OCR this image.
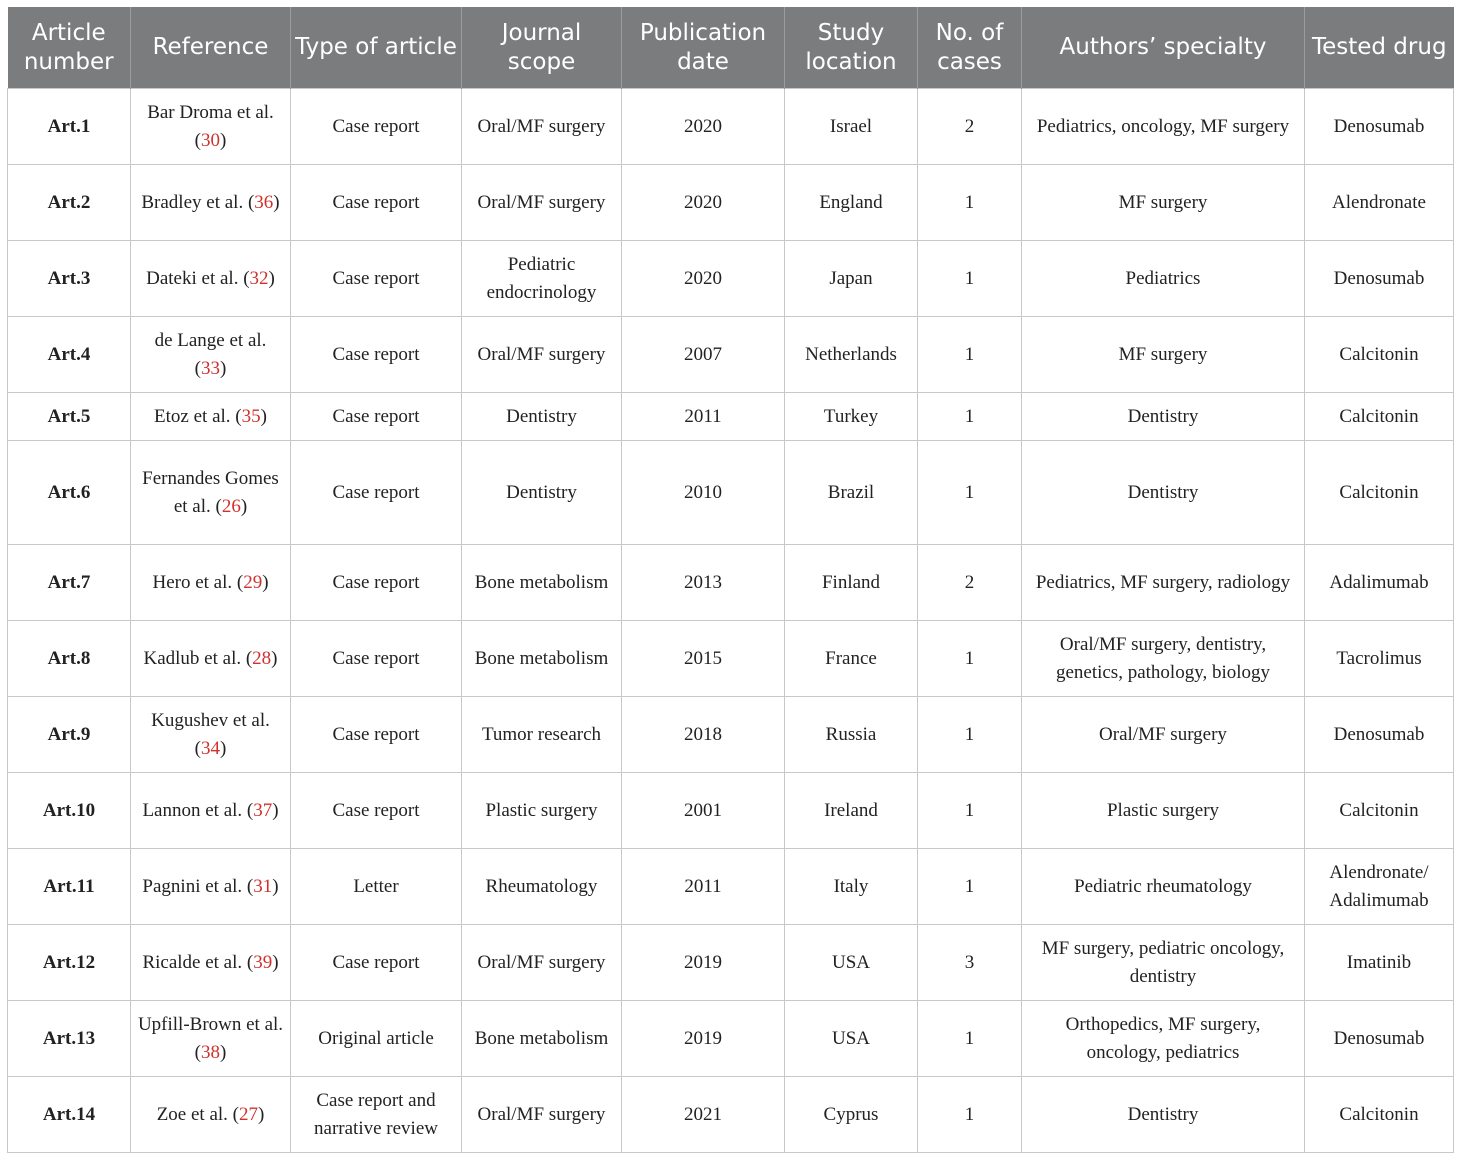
Article number	Reference	Type of article	Journal scope	Publication date	Study location	No. of cases	Authors’ specialty	Tested drug
Art.1	Bar Droma et al. (30)	Case report	Oral/MF surgery	2020	Israel	2	Pediatrics, oncology, MF surgery	Denosumab
Art.2	Bradley et al. (36)	Case report	Oral/MF surgery	2020	England	1	MF surgery	Alendronate
Art.3	Dateki et al. (32)	Case report	Pediatric endocrinology	2020	Japan	1	Pediatrics	Denosumab
Art.4	de Lange et al. (33)	Case report	Oral/MF surgery	2007	Netherlands	1	MF surgery	Calcitonin
Art.5	Etoz et al. (35)	Case report	Dentistry	2011	Turkey	1	Dentistry	Calcitonin
Art.6	Fernandes Gomes et al. (26)	Case report	Dentistry	2010	Brazil	1	Dentistry	Calcitonin
Art.7	Hero et al. (29)	Case report	Bone metabolism	2013	Finland	2	Pediatrics, MF surgery, radiology	Adalimumab
Art.8	Kadlub et al. (28)	Case report	Bone metabolism	2015	France	1	Oral/MF surgery, dentistry, genetics, pathology, biology	Tacrolimus
Art.9	Kugushev et al. (34)	Case report	Tumor research	2018	Russia	1	Oral/MF surgery	Denosumab
Art.10	Lannon et al. (37)	Case report	Plastic surgery	2001	Ireland	1	Plastic surgery	Calcitonin
Art.11	Pagnini et al. (31)	Letter	Rheumatology	2011	Italy	1	Pediatric rheumatology	Alendronate/ Adalimumab
Art.12	Ricalde et al. (39)	Case report	Oral/MF surgery	2019	USA	3	MF surgery, pediatric oncology, dentistry	Imatinib
Art.13	Upfill-Brown et al. (38)	Original article	Bone metabolism	2019	USA	1	Orthopedics, MF surgery, oncology, pediatrics	Denosumab
Art.14	Zoe et al. (27)	Case report and narrative review	Oral/MF surgery	2021	Cyprus	1	Dentistry	Calcitonin
